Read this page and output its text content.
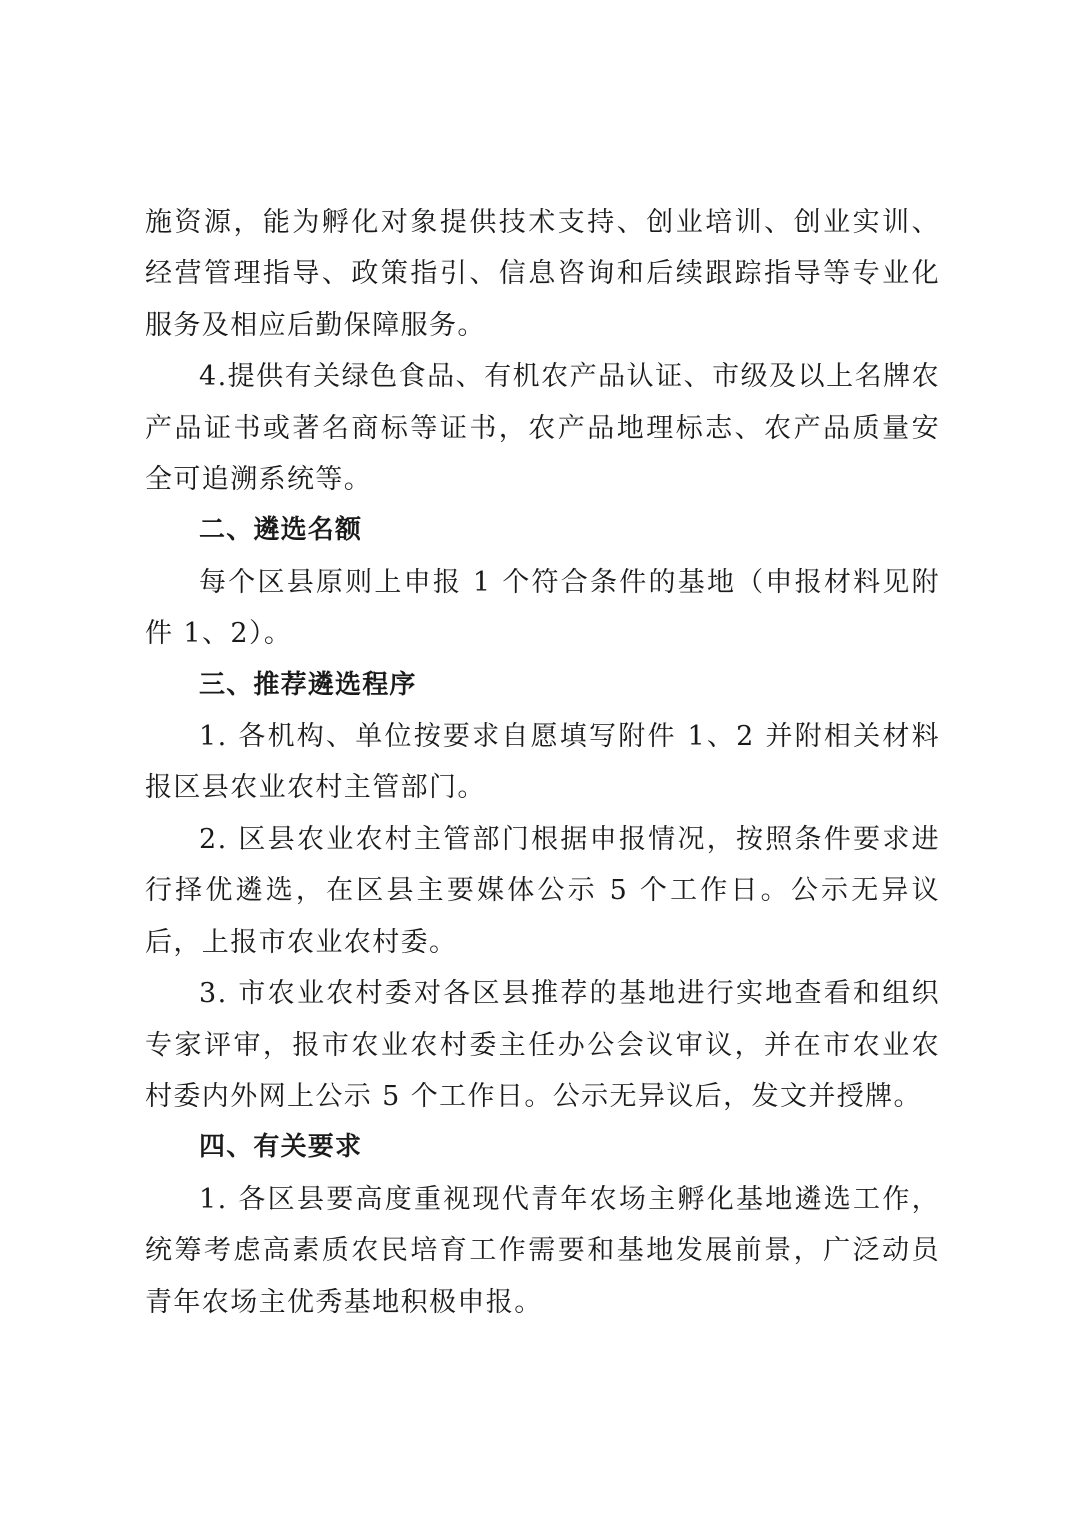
施资源，能为孵化对象提供技术支持、创业培训、创业实训、经营管理指导、政策指引、信息咨询和后续跟踪指导等专业化服务及相应后勤保障服务。

4.提供有关绿色食品、有机农产品认证、市级及以上名牌农产品证书或著名商标等证书，农产品地理标志、农产品质量安全可追溯系统等。

二、遴选名额

每个区县原则上申报 1 个符合条件的基地（申报材料见附件 1、2）。

三、推荐遴选程序

1. 各机构、单位按要求自愿填写附件 1、2 并附相关材料报区县农业农村主管部门。

2. 区县农业农村主管部门根据申报情况，按照条件要求进行择优遴选，在区县主要媒体公示 5 个工作日。公示无异议后，上报市农业农村委。

3. 市农业农村委对各区县推荐的基地进行实地查看和组织专家评审，报市农业农村委主任办公会议审议，并在市农业农村委内外网上公示 5 个工作日。公示无异议后，发文并授牌。

四、有关要求

1. 各区县要高度重视现代青年农场主孵化基地遴选工作，统筹考虑高素质农民培育工作需要和基地发展前景，广泛动员青年农场主优秀基地积极申报。
